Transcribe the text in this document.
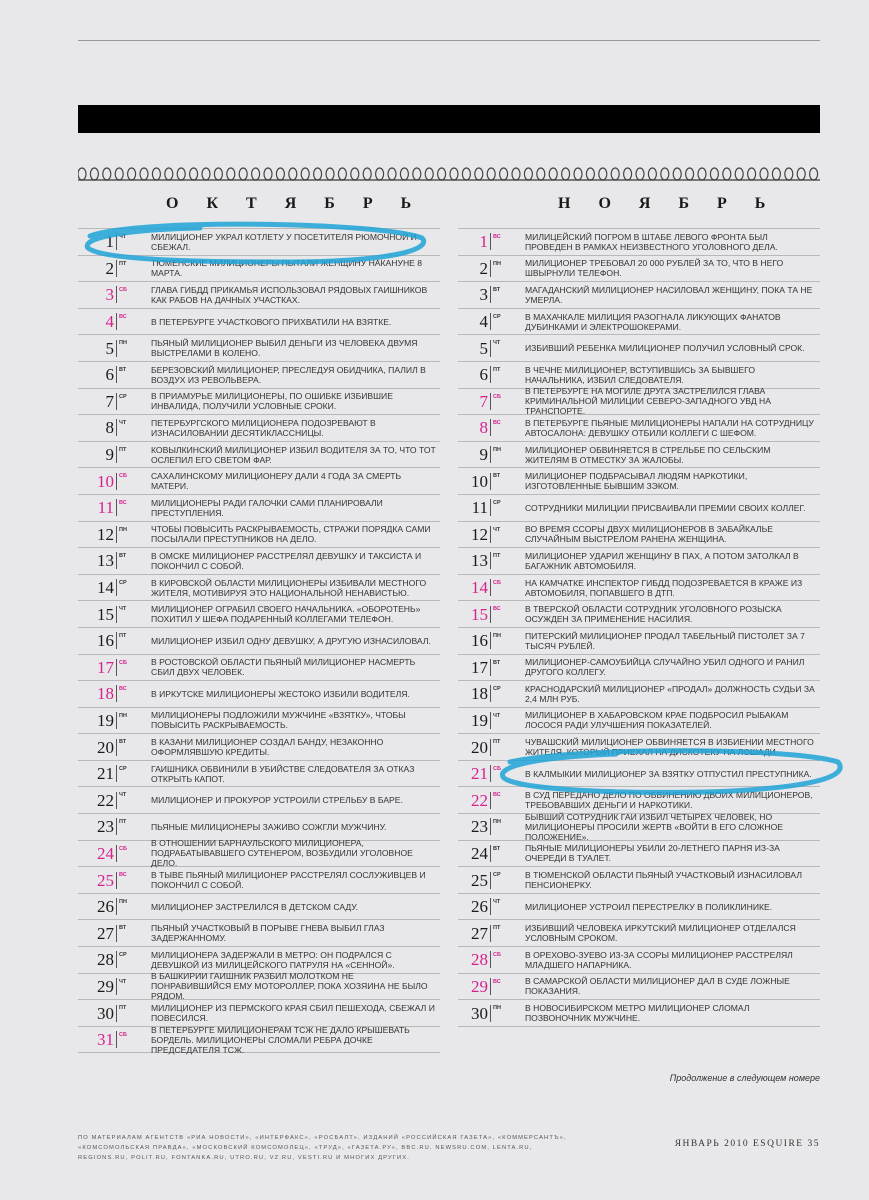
О К Т Я Б Р Ь
1 ЧТ	МИЛИЦИОНЕР УКРАЛ КОТЛЕТУ У ПОСЕТИТЕЛЯ РЮМОЧНОЙ И СБЕЖАЛ.
2 ПТ	ТЮМЕНСКИЕ МИЛИЦИОНЕРЫ ПЫТАЛИ ЖЕНЩИНУ НАКАНУНЕ 8 МАРТА.
3 СБ	ГЛАВА ГИБДД ПРИКАМЬЯ ИСПОЛЬЗОВАЛ РЯДОВЫХ ГАИШНИКОВ КАК РАБОВ НА ДАЧНЫХ УЧАСТКАХ.
4 ВС	В ПЕТЕРБУРГЕ УЧАСТКОВОГО ПРИХВАТИЛИ НА ВЗЯТКЕ.
5 ПН	ПЬЯНЫЙ МИЛИЦИОНЕР ВЫБИЛ ДЕНЬГИ ИЗ ЧЕЛОВЕКА ДВУМЯ ВЫСТРЕЛАМИ В КОЛЕНО.
6 ВТ	БЕРЕЗОВСКИЙ МИЛИЦИОНЕР, ПРЕСЛЕДУЯ ОБИДЧИКА, ПАЛИЛ В ВОЗДУХ ИЗ РЕВОЛЬВЕРА.
7 СР	В ПРИАМУРЬЕ МИЛИЦИОНЕРЫ, ПО ОШИБКЕ ИЗБИВШИЕ ИНВАЛИДА, ПОЛУЧИЛИ УСЛОВНЫЕ СРОКИ.
8 ЧТ	ПЕТЕРБУРГСКОГО МИЛИЦИОНЕРА ПОДОЗРЕВАЮТ В ИЗНАСИЛОВАНИИ ДЕСЯТИКЛАССНИЦЫ.
9 ПТ	КОВЫЛКИНСКИЙ МИЛИЦИОНЕР ИЗБИЛ ВОДИТЕЛЯ ЗА ТО, ЧТО ТОТ ОСЛЕПИЛ ЕГО СВЕТОМ ФАР.
10 СБ	САХАЛИНСКОМУ МИЛИЦИОНЕРУ ДАЛИ 4 ГОДА ЗА СМЕРТЬ МАТЕРИ.
11 ВС	МИЛИЦИОНЕРЫ РАДИ ГАЛОЧКИ САМИ ПЛАНИРОВАЛИ ПРЕСТУПЛЕНИЯ.
12 ПН	ЧТОБЫ ПОВЫСИТЬ РАСКРЫВАЕМОСТЬ, СТРАЖИ ПОРЯДКА САМИ ПОСЫЛАЛИ ПРЕСТУПНИКОВ НА ДЕЛО.
13 ВТ	В ОМСКЕ МИЛИЦИОНЕР РАССТРЕЛЯЛ ДЕВУШКУ И ТАКСИСТА И ПОКОНЧИЛ С СОБОЙ.
14 СР	В КИРОВСКОЙ ОБЛАСТИ МИЛИЦИОНЕРЫ ИЗБИВАЛИ МЕСТНОГО ЖИТЕЛЯ, МОТИВИРУЯ ЭТО НАЦИОНАЛЬНОЙ НЕНАВИСТЬЮ.
15 ЧТ	МИЛИЦИОНЕР ОГРАБИЛ СВОЕГО НАЧАЛЬНИКА. «ОБОРОТЕНЬ» ПОХИТИЛ У ШЕФА ПОДАРЕННЫЙ КОЛЛЕГАМИ ТЕЛЕФОН.
16 ПТ	МИЛИЦИОНЕР ИЗБИЛ ОДНУ ДЕВУШКУ, А ДРУГУЮ ИЗНАСИЛОВАЛ.
17 СБ	В РОСТОВСКОЙ ОБЛАСТИ ПЬЯНЫЙ МИЛИЦИОНЕР НАСМЕРТЬ СБИЛ ДВУХ ЧЕЛОВЕК.
18 ВС	В ИРКУТСКЕ МИЛИЦИОНЕРЫ ЖЕСТОКО ИЗБИЛИ ВОДИТЕЛЯ.
19 ПН	МИЛИЦИОНЕРЫ ПОДЛОЖИЛИ МУЖЧИНЕ «ВЗЯТКУ», ЧТОБЫ ПОВЫСИТЬ РАСКРЫВАЕМОСТЬ.
20 ВТ	В КАЗАНИ МИЛИЦИОНЕР СОЗДАЛ БАНДУ, НЕЗАКОННО ОФОРМЛЯВШУЮ КРЕДИТЫ.
21 СР	ГАИШНИКА ОБВИНИЛИ В УБИЙСТВЕ СЛЕДОВАТЕЛЯ ЗА ОТКАЗ ОТКРЫТЬ КАПОТ.
22 ЧТ	МИЛИЦИОНЕР И ПРОКУРОР УСТРОИЛИ СТРЕЛЬБУ В БАРЕ.
23 ПТ	ПЬЯНЫЕ МИЛИЦИОНЕРЫ ЗАЖИВО СОЖГЛИ МУЖЧИНУ.
24 СБ
В ОТНОШЕНИИ БАРНАУЛЬСКОГО МИЛИЦИОНЕРА, ПОДРАБАТЫВАВШЕГО СУТЕНЕРОМ, ВОЗБУДИЛИ УГОЛОВНОЕ ДЕЛО.
25 ВС	В ТЫВЕ ПЬЯНЫЙ МИЛИЦИОНЕР РАССТРЕЛЯЛ СОСЛУЖИВЦЕВ И ПОКОНЧИЛ С СОБОЙ.
26 ПН	МИЛИЦИОНЕР ЗАСТРЕЛИЛСЯ В ДЕТСКОМ САДУ.
27 ВТ	ПЬЯНЫЙ УЧАСТКОВЫЙ В ПОРЫВЕ ГНЕВА ВЫБИЛ ГЛАЗ ЗАДЕРЖАННОМУ.
28 СР	МИЛИЦИОНЕРА ЗАДЕРЖАЛИ В МЕТРО: ОН ПОДРАЛСЯ С ДЕВУШКОЙ ИЗ МИЛИЦЕЙСКОГО ПАТРУЛЯ НА «СЕННОЙ».
29 ЧТ
В БАШКИРИИ ГАИШНИК РАЗБИЛ МОЛОТКОМ НЕ ПОНРАВИВШИЙСЯ ЕМУ МОТОРОЛЛЕР, ПОКА ХОЗЯИНА НЕ БЫЛО РЯДОМ.
30 ПТ	МИЛИЦИОНЕР ИЗ ПЕРМСКОГО КРАЯ СБИЛ ПЕШЕХОДА, СБЕЖАЛ И ПОВЕСИЛСЯ.
31 СБ
В ПЕТЕРБУРГЕ МИЛИЦИОНЕРАМ ТСЖ НЕ ДАЛО КРЫШЕВАТЬ БОРДЕЛЬ. МИЛИЦИОНЕРЫ СЛОМАЛИ РЕБРА ДОЧКЕ ПРЕДСЕДАТЕЛЯ ТСЖ.
Н О Я Б Р Ь
1 ВС	МИЛИЦЕЙСКИЙ ПОГРОМ В ШТАБЕ ЛЕВОГО ФРОНТА БЫЛ ПРОВЕДЕН В РАМКАХ НЕИЗВЕСТНОГО УГОЛОВНОГО ДЕЛА.
2 ПН	МИЛИЦИОНЕР ТРЕБОВАЛ 20 000 РУБЛЕЙ ЗА ТО, ЧТО В НЕГО ШВЫРНУЛИ ТЕЛЕФОН.
3 ВТ	МАГАДАНСКИЙ МИЛИЦИОНЕР НАСИЛОВАЛ ЖЕНЩИНУ, ПОКА ТА НЕ УМЕРЛА.
4 СР	В МАХАЧКАЛЕ МИЛИЦИЯ РАЗОГНАЛА ЛИКУЮЩИХ ФАНАТОВ ДУБИНКАМИ И ЭЛЕКТРОШОКЕРАМИ.
5 ЧТ	ИЗБИВШИЙ РЕБЕНКА МИЛИЦИОНЕР ПОЛУЧИЛ УСЛОВНЫЙ СРОК.
6 ПТ	В ЧЕЧНЕ МИЛИЦИОНЕР, ВСТУПИВШИСЬ ЗА БЫВШЕГО НАЧАЛЬНИКА, ИЗБИЛ СЛЕДОВАТЕЛЯ.
7 СБ
В ПЕТЕРБУРГЕ НА МОГИЛЕ ДРУГА ЗАСТРЕЛИЛСЯ ГЛАВА КРИМИНАЛЬНОЙ МИЛИЦИИ СЕВЕРО-ЗАПАДНОГО УВД НА ТРАНСПОРТЕ.
8 ВС	В ПЕТЕРБУРГЕ ПЬЯНЫЕ МИЛИЦИОНЕРЫ НАПАЛИ НА СОТРУДНИЦУ АВТОСАЛОНА: ДЕВУШКУ ОТБИЛИ КОЛЛЕГИ С ШЕФОМ.
9 ПН	МИЛИЦИОНЕР ОБВИНЯЕТСЯ В СТРЕЛЬБЕ ПО СЕЛЬСКИМ ЖИТЕЛЯМ В ОТМЕСТКУ ЗА ЖАЛОБЫ.
10 ВТ	МИЛИЦИОНЕР ПОДБРАСЫВАЛ ЛЮДЯМ НАРКОТИКИ, ИЗГОТОВЛЕННЫЕ БЫВШИМ ЗЭКОМ.
11 СР	СОТРУДНИКИ МИЛИЦИИ ПРИСВАИВАЛИ ПРЕМИИ СВОИХ КОЛЛЕГ.
12 ЧТ	ВО ВРЕМЯ ССОРЫ ДВУХ МИЛИЦИОНЕРОВ В ЗАБАЙКАЛЬЕ СЛУЧАЙНЫМ ВЫСТРЕЛОМ РАНЕНА ЖЕНЩИНА.
13 ПТ	МИЛИЦИОНЕР УДАРИЛ ЖЕНЩИНУ В ПАХ, А ПОТОМ ЗАТОЛКАЛ В БАГАЖНИК АВТОМОБИЛЯ.
14 СБ	НА КАМЧАТКЕ ИНСПЕКТОР ГИБДД ПОДОЗРЕВАЕТСЯ В КРАЖЕ ИЗ АВТОМОБИЛЯ, ПОПАВШЕГО В ДТП.
15 ВС	В ТВЕРСКОЙ ОБЛАСТИ СОТРУДНИК УГОЛОВНОГО РОЗЫСКА ОСУЖДЕН ЗА ПРИМЕНЕНИЕ НАСИЛИЯ.
16 ПН	ПИТЕРСКИЙ МИЛИЦИОНЕР ПРОДАЛ ТАБЕЛЬНЫЙ ПИСТОЛЕТ ЗА 7 ТЫСЯЧ РУБЛЕЙ.
17 ВТ	МИЛИЦИОНЕР-САМОУБИЙЦА СЛУЧАЙНО УБИЛ ОДНОГО И РАНИЛ ДРУГОГО КОЛЛЕГУ.
18 СР	КРАСНОДАРСКИЙ МИЛИЦИОНЕР «ПРОДАЛ» ДОЛЖНОСТЬ СУДЬИ ЗА 2,4 МЛН РУБ.
19 ЧТ	МИЛИЦИОНЕР В ХАБАРОВСКОМ КРАЕ ПОДБРОСИЛ РЫБАКАМ ЛОСОСЯ РАДИ УЛУЧШЕНИЯ ПОКАЗАТЕЛЕЙ.
20 ПТ	ЧУВАШСКИЙ МИЛИЦИОНЕР ОБВИНЯЕТСЯ В ИЗБИЕНИИ МЕСТНОГО ЖИТЕЛЯ, КОТОРЫЙ ПРИЕХАЛ НА ДИСКОТЕКУ НА ЛОШАДИ.
21 СБ	В КАЛМЫКИИ МИЛИЦИОНЕР ЗА ВЗЯТКУ ОТПУСТИЛ ПРЕСТУПНИКА.
22 ВС	В СУД ПЕРЕДАНО ДЕЛО ПО ОБВИНЕНИЮ ДВОИХ МИЛИЦИОНЕРОВ, ТРЕБОВАВШИХ ДЕНЬГИ И НАРКОТИКИ.
23 ПН
БЫВШИЙ СОТРУДНИК ГАИ ИЗБИЛ ЧЕТЫРЕХ ЧЕЛОВЕК, НО МИЛИЦИОНЕРЫ ПРОСИЛИ ЖЕРТВ «ВОЙТИ В ЕГО СЛОЖНОЕ ПОЛОЖЕНИЕ».
24 ВТ	ПЬЯНЫЕ МИЛИЦИОНЕРЫ УБИЛИ 20-ЛЕТНЕГО ПАРНЯ ИЗ-ЗА ОЧЕРЕДИ В ТУАЛЕТ.
25 СР	В ТЮМЕНСКОЙ ОБЛАСТИ ПЬЯНЫЙ УЧАСТКОВЫЙ ИЗНАСИЛОВАЛ ПЕНСИОНЕРКУ.
26 ЧТ	МИЛИЦИОНЕР УСТРОИЛ ПЕРЕСТРЕЛКУ В ПОЛИКЛИНИКЕ.
27 ПТ	ИЗБИВШИЙ ЧЕЛОВЕКА ИРКУТСКИЙ МИЛИЦИОНЕР ОТДЕЛАЛСЯ УСЛОВНЫМ СРОКОМ.
28 СБ	В ОРЕХОВО-ЗУЕВО ИЗ-ЗА ССОРЫ МИЛИЦИОНЕР РАССТРЕЛЯЛ МЛАДШЕГО НАПАРНИКА.
29 ВС	В САМАРСКОЙ ОБЛАСТИ МИЛИЦИОНЕР ДАЛ В СУДЕ ЛОЖНЫЕ ПОКАЗАНИЯ.
30 ПН	В НОВОСИБИРСКОМ МЕТРО МИЛИЦИОНЕР СЛОМАЛ ПОЗВОНОЧНИК МУЖЧИНЕ.
Продолжение в следующем номере
ПО МАТЕРИАЛАМ АГЕНТСТВ «РИА НОВОСТИ», «ИНТЕРФАКС», «РОСБАЛТ», ИЗДАНИЙ «РОССИЙСКАЯ ГАЗЕТА», «КОММЕРСАНТЪ», «КОМСОМОЛЬСКАЯ ПРАВДА», «МОСКОВСКИЙ КОМСОМОЛЕЦ», «ТРУД», «ГАЗЕТА.РУ», BBC.RU, NEWSRU.COM, LENTA.RU, REGIONS.RU, POLIT.RU, FONTANKA.RU, UTRO.RU, VZ.RU, VESTI.RU И МНОГИХ ДРУГИХ.
ЯНВАРЬ 2010 ESQUIRE 35
